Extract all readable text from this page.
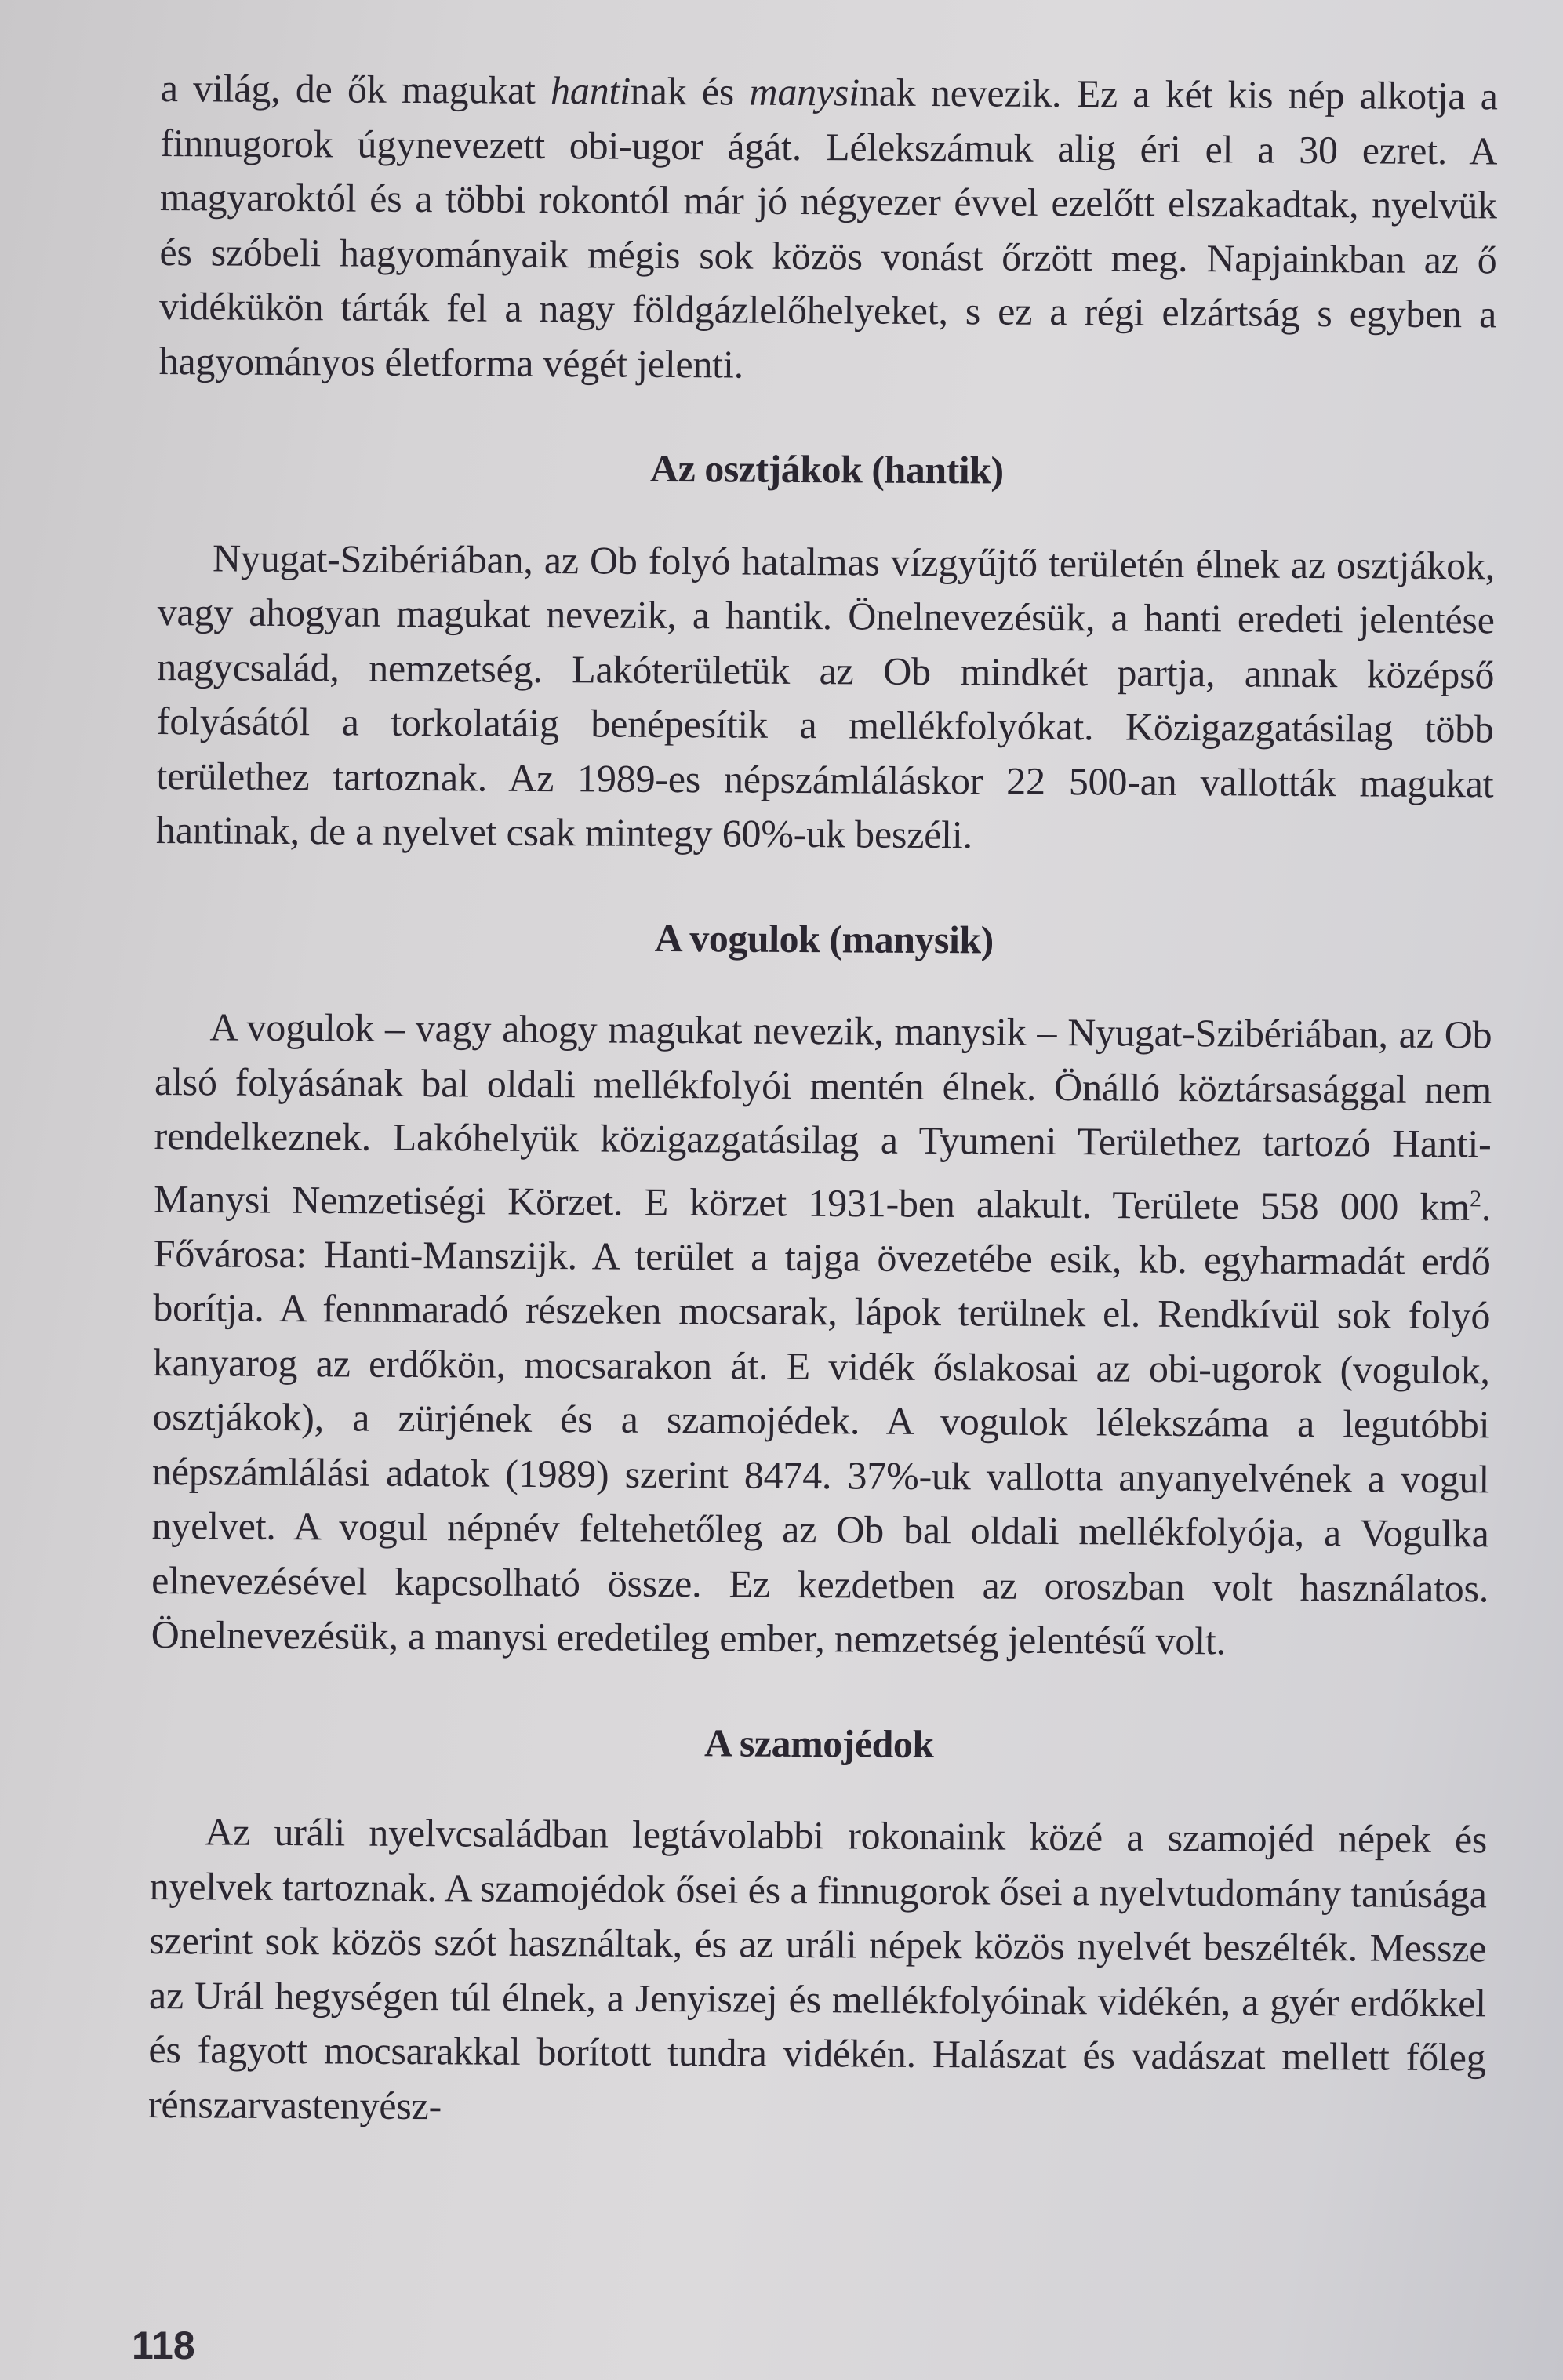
a világ, de ők magukat hantinak és manysinak nevezik. Ez a két kis nép alkotja a finnugorok úgynevezett obi-ugor ágát. Lélekszámuk alig éri el a 30 ezret. A magyaroktól és a többi rokontól már jó négyezer évvel ezelőtt elszakadtak, nyelvük és szóbeli hagyományaik mégis sok közös vonást őrzött meg. Napjainkban az ő vidékükön tárták fel a nagy földgázlelőhelyeket, s ez a régi elzártság s egyben a hagyományos életforma végét jelenti.

Az osztjákok (hantik)

Nyugat-Szibériában, az Ob folyó hatalmas vízgyűjtő területén élnek az osztjákok, vagy ahogyan magukat nevezik, a hantik. Önelnevezésük, a hanti eredeti jelentése nagycsalád, nemzetség. Lakóterületük az Ob mindkét partja, annak középső folyásától a torkolatáig benépesítik a mellékfolyókat. Közigazgatásilag több területhez tartoznak. Az 1989-es népszámláláskor 22 500-an vallották magukat hantinak, de a nyelvet csak mintegy 60%-uk beszéli.

A vogulok (manysik)

A vogulok – vagy ahogy magukat nevezik, manysik – Nyugat-Szibériában, az Ob alsó folyásának bal oldali mellékfolyói mentén élnek. Önálló köztársasággal nem rendelkeznek. Lakóhelyük közigazgatásilag a Tyumeni Területhez tartozó Hanti-Manysi Nemzetiségi Körzet. E körzet 1931-ben alakult. Területe 558 000 $km^2$. Fővárosa: Hanti-Manszijk. A terület a tajga övezetébe esik, kb. egyharmadát erdő borítja. A fennmaradó részeken mocsarak, lápok terülnek el. Rendkívül sok folyó kanyarog az erdőkön, mocsarakon át. E vidék őslakosai az obi-ugorok (vogulok, osztjákok), a zürjének és a szamojédek. A vogulok lélekszáma a legutóbbi népszámlálási adatok (1989) szerint 8474. 37%-uk vallotta anyanyelvének a vogul nyelvet. A vogul népnév feltehetőleg az Ob bal oldali mellékfolyója, a Vogulka elnevezésével kapcsolható össze. Ez kezdetben az oroszban volt használatos. Önelnevezésük, a manysi eredetileg ember, nemzetség jelentésű volt.

A szamojédok

Az uráli nyelvcsaládban legtávolabbi rokonaink közé a szamojéd népek és nyelvek tartoznak. A szamojédok ősei és a finnugorok ősei a nyelvtudomány tanúsága szerint sok közös szót használtak, és az uráli népek közös nyelvét beszélték. Messze az Urál hegységen túl élnek, a Jenyiszej és mellékfolyóinak vidékén, a gyér erdőkkel és fagyott mocsarakkal borított tundra vidékén. Halászat és vadászat mellett főleg rénszarvastenyész-

118
